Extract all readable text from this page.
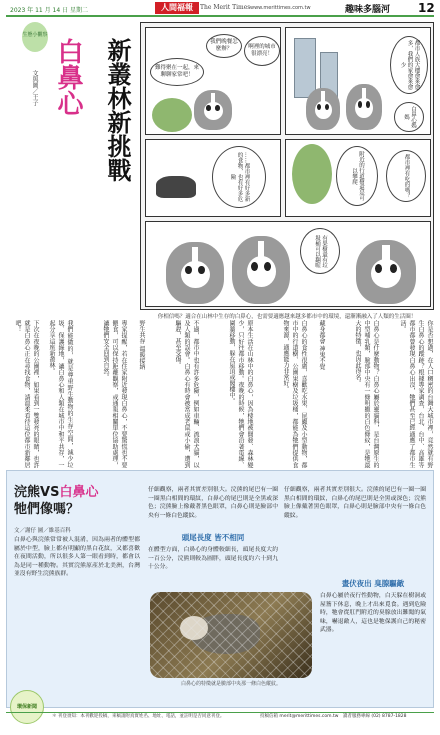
2023 年 11 月 14 日 星期二	人間福報	The Merit Times www.merittimes.com.tw	趣味多腦河 12
生態小觀察
文與圖／王子 白鼻心 新叢林新挑戰	難得聚在一起，來聊聊家常吧！
我們晚餐怎麼辦？	啊裡的城市很漂亮！	都市人族大樓愈來愈多，我們的家愈來愈少
白鼻心媽媽
……都市裡有好多新的食物，也有好多危險	附近的行道樹還是可以攀爬	都市裡有吃的嗎？
有果樹還有垃圾桶可以翻喔
你相信嗎？適合在山林中生存的白鼻心，也需要適應越來越多都市中的環境，還漸漸融入了人類的生活圈！
你是否想過，在人口稠密的台灣大城市裡，竟然就有野生白鼻心的蹤跡？根據專家調查，台北、台中、高雄等都市都曾發現白鼻心出沒，牠們甚至已經適應了都市生活。
白鼻心是什麼動物？白鼻心屬於靈貓科，是台灣原生的中型哺乳類，臉部中央有一條明顯的白色條紋，是牠最大的特徵，也因此得名。
藏身都會 神鬼不覺
白鼻心的食性很廣，喜歡吃水果、昆蟲及小型動物，都市中的行道樹、公園果樹及垃圾桶，都能為牠們提供食物來源，適應能力非常好。
原本生活在山林中的白鼻心，因為棲地被開發、森林變少，只好往都市移動。夜晚的時候，牠們會沿著電線、圍牆移動，躲在屋頂或閣樓中。
不過，都市中也有許多危險，例如車輛、流浪犬貓，以及人類的誤會。白鼻心有時會被當成老鼠或小偷，遭到驅趕，甚至受傷。
野生共存 溫暖接納
專家提醒，若在住家附近發現白鼻心，不要驚慌也不要餵食，可以保持距離觀察，或通報相關單位協助處理，讓牠們安全回到自然。
我們能做的，就是尊重野生動物的生存空間，減少垃圾、保護綠地，讓白鼻心和人類在城市中和平共存，一起分享這座新叢林。
下次在夜晚的公園裡，如果看到一雙發亮的眼睛，也許就是白鼻心正在尋找食物，請溫柔看待這位都市新鄰居吧！
浣熊VS白鼻心
牠們像嗎？
文／謝仔 圖／維基百科
白鼻心與浣熊常常被人混淆，因為兩者的體型都屬於中型，臉上都有明顯的黑白花紋，又都喜歡在夜間活動，所以很多人第一眼看到時，都會以為是同一種動物。其實浣熊原產於北美洲，台灣並沒有野生浣熊族群。
仔細觀察，兩者其實差別很大。浣熊的尾巴有一圈一圈黑白相間的環紋，白鼻心的尾巴則是全黑或深色；浣熊臉上像戴著黑色眼罩，白鼻心則是臉部中央有一條白色縱紋。
頭尾長度 皆不相同
在體型方面，白鼻心的身體較細長，頭尾長度大約一百公分，浣熊則較為圓胖，頭尾長度約六十到九十公分。
仔細觀察，兩者其實差別很大。浣熊的尾巴有一圈一圈黑白相間的環紋，白鼻心的尾巴則是全黑或深色；浣熊臉上像戴著黑色眼罩，白鼻心則是臉部中央有一條白色縱紋。
晝伏夜出 臭腺驅敵
白鼻心屬於夜行性動物，白天躲在樹洞或屋簷下休息，晚上才出來覓食。遇到危險時，牠會從肛門附近的臭腺放出難聞的氣味，嚇退敵人，這也是牠保護自己的秘密武器。
白鼻心的特徵就是臉部中央那一條白色縱紋。
環保新聞
＊ 刊登須知：本刊歡迎投稿，來稿請附真實姓名、地址、電話，並註明是否同意刊登。	投稿信箱 merit@merittimes.com.tw　讀者服務專線 (02) 8787-1828
